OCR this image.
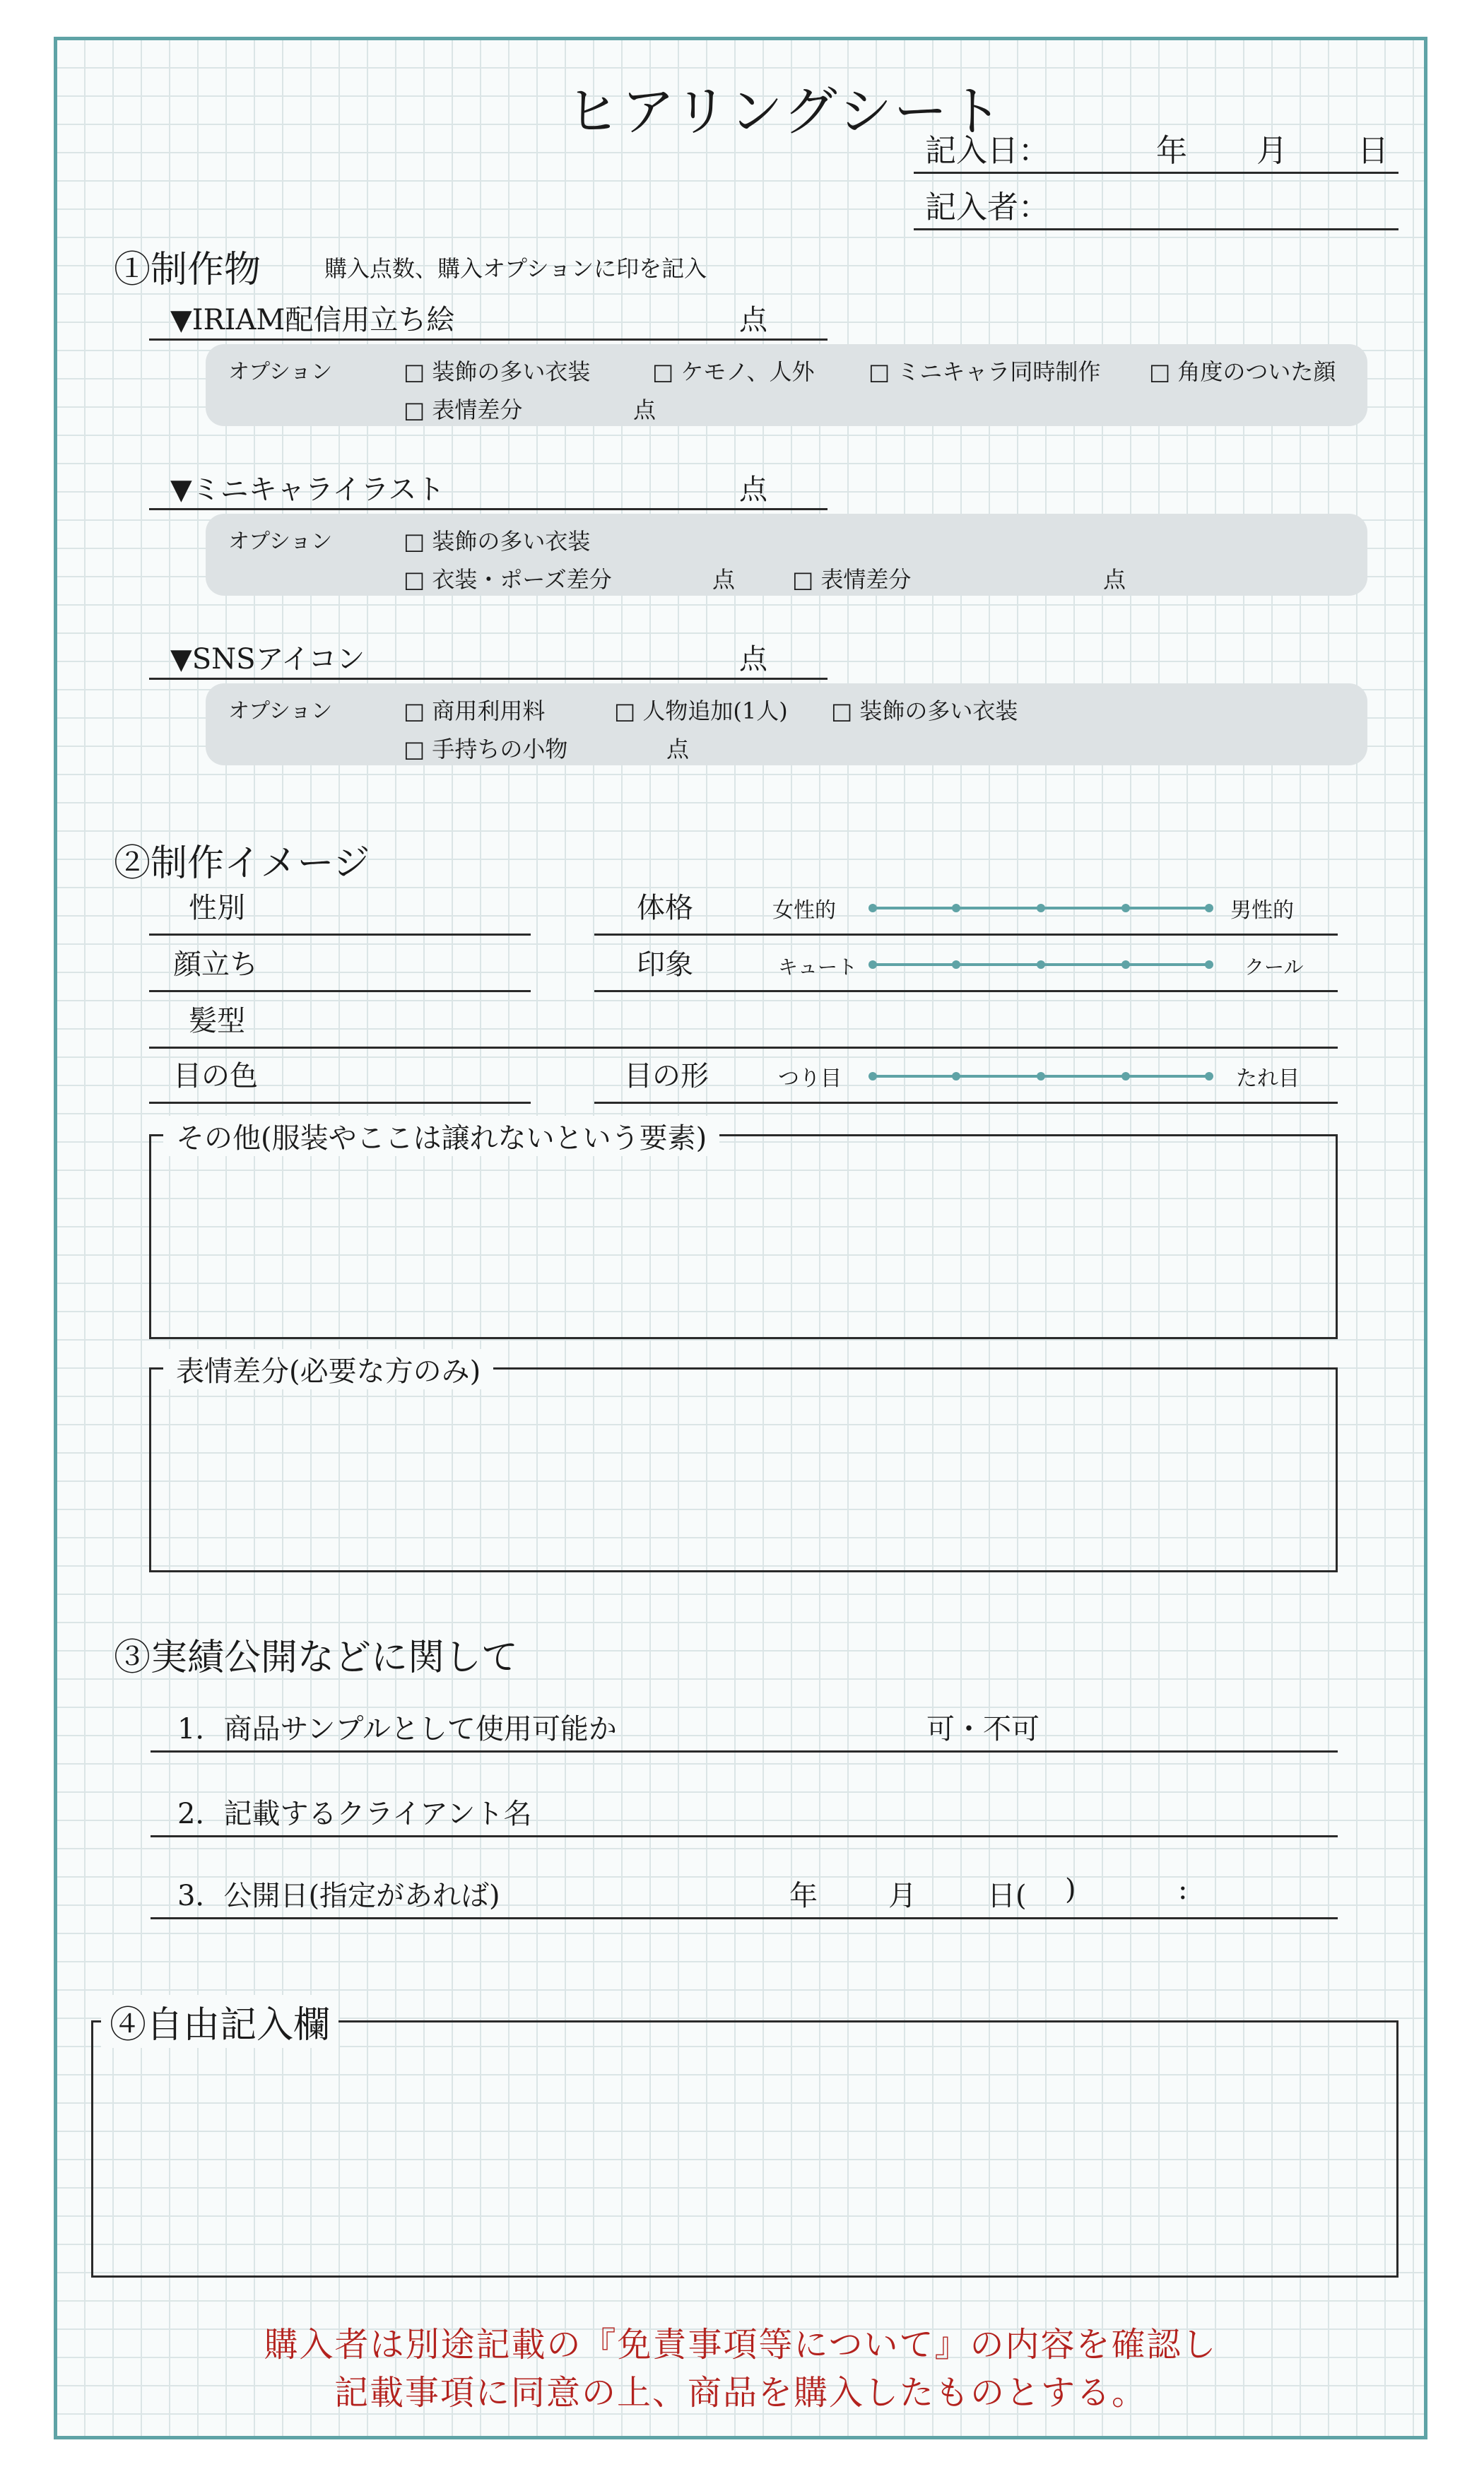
ヒアリングシート
記入日：	年 月 日
記入者：
①制作物	購入点数、購入オプションに印を記入
▼IRIAM配信用立ち絵	点
オプション	□ 装飾の多い衣装	□ ケモノ、人外 □ ミニキャラ同時制作 □ 角度のついた顔
□ 表情差分	点
▼ミニキャライラスト	点
オプション	□ 装飾の多い衣装
□ 衣装・ポーズ差分	点	□ 表情差分	点
▼SNSアイコン	点
オプション	□ 商用利用料	□ 人物追加(1人) □ 装飾の多い衣装
□ 手持ちの小物	点
②制作イメージ
性別
顔立ち
髪型
目の色
体格	女性的	男性的
印象	キュート	クール
目の形	つり目	たれ目
その他(服装やここは譲れないという要素)
表情差分(必要な方のみ)
③実績公開などに関して
1．商品サンプルとして使用可能か	可・不可
2．記載するクライアント名
3．公開日(指定があれば)	年	月	日( )	:
④自由記入欄
購入者は別途記載の『免責事項等について』の内容を確認し
記載事項に同意の上、商品を購入したものとする。
